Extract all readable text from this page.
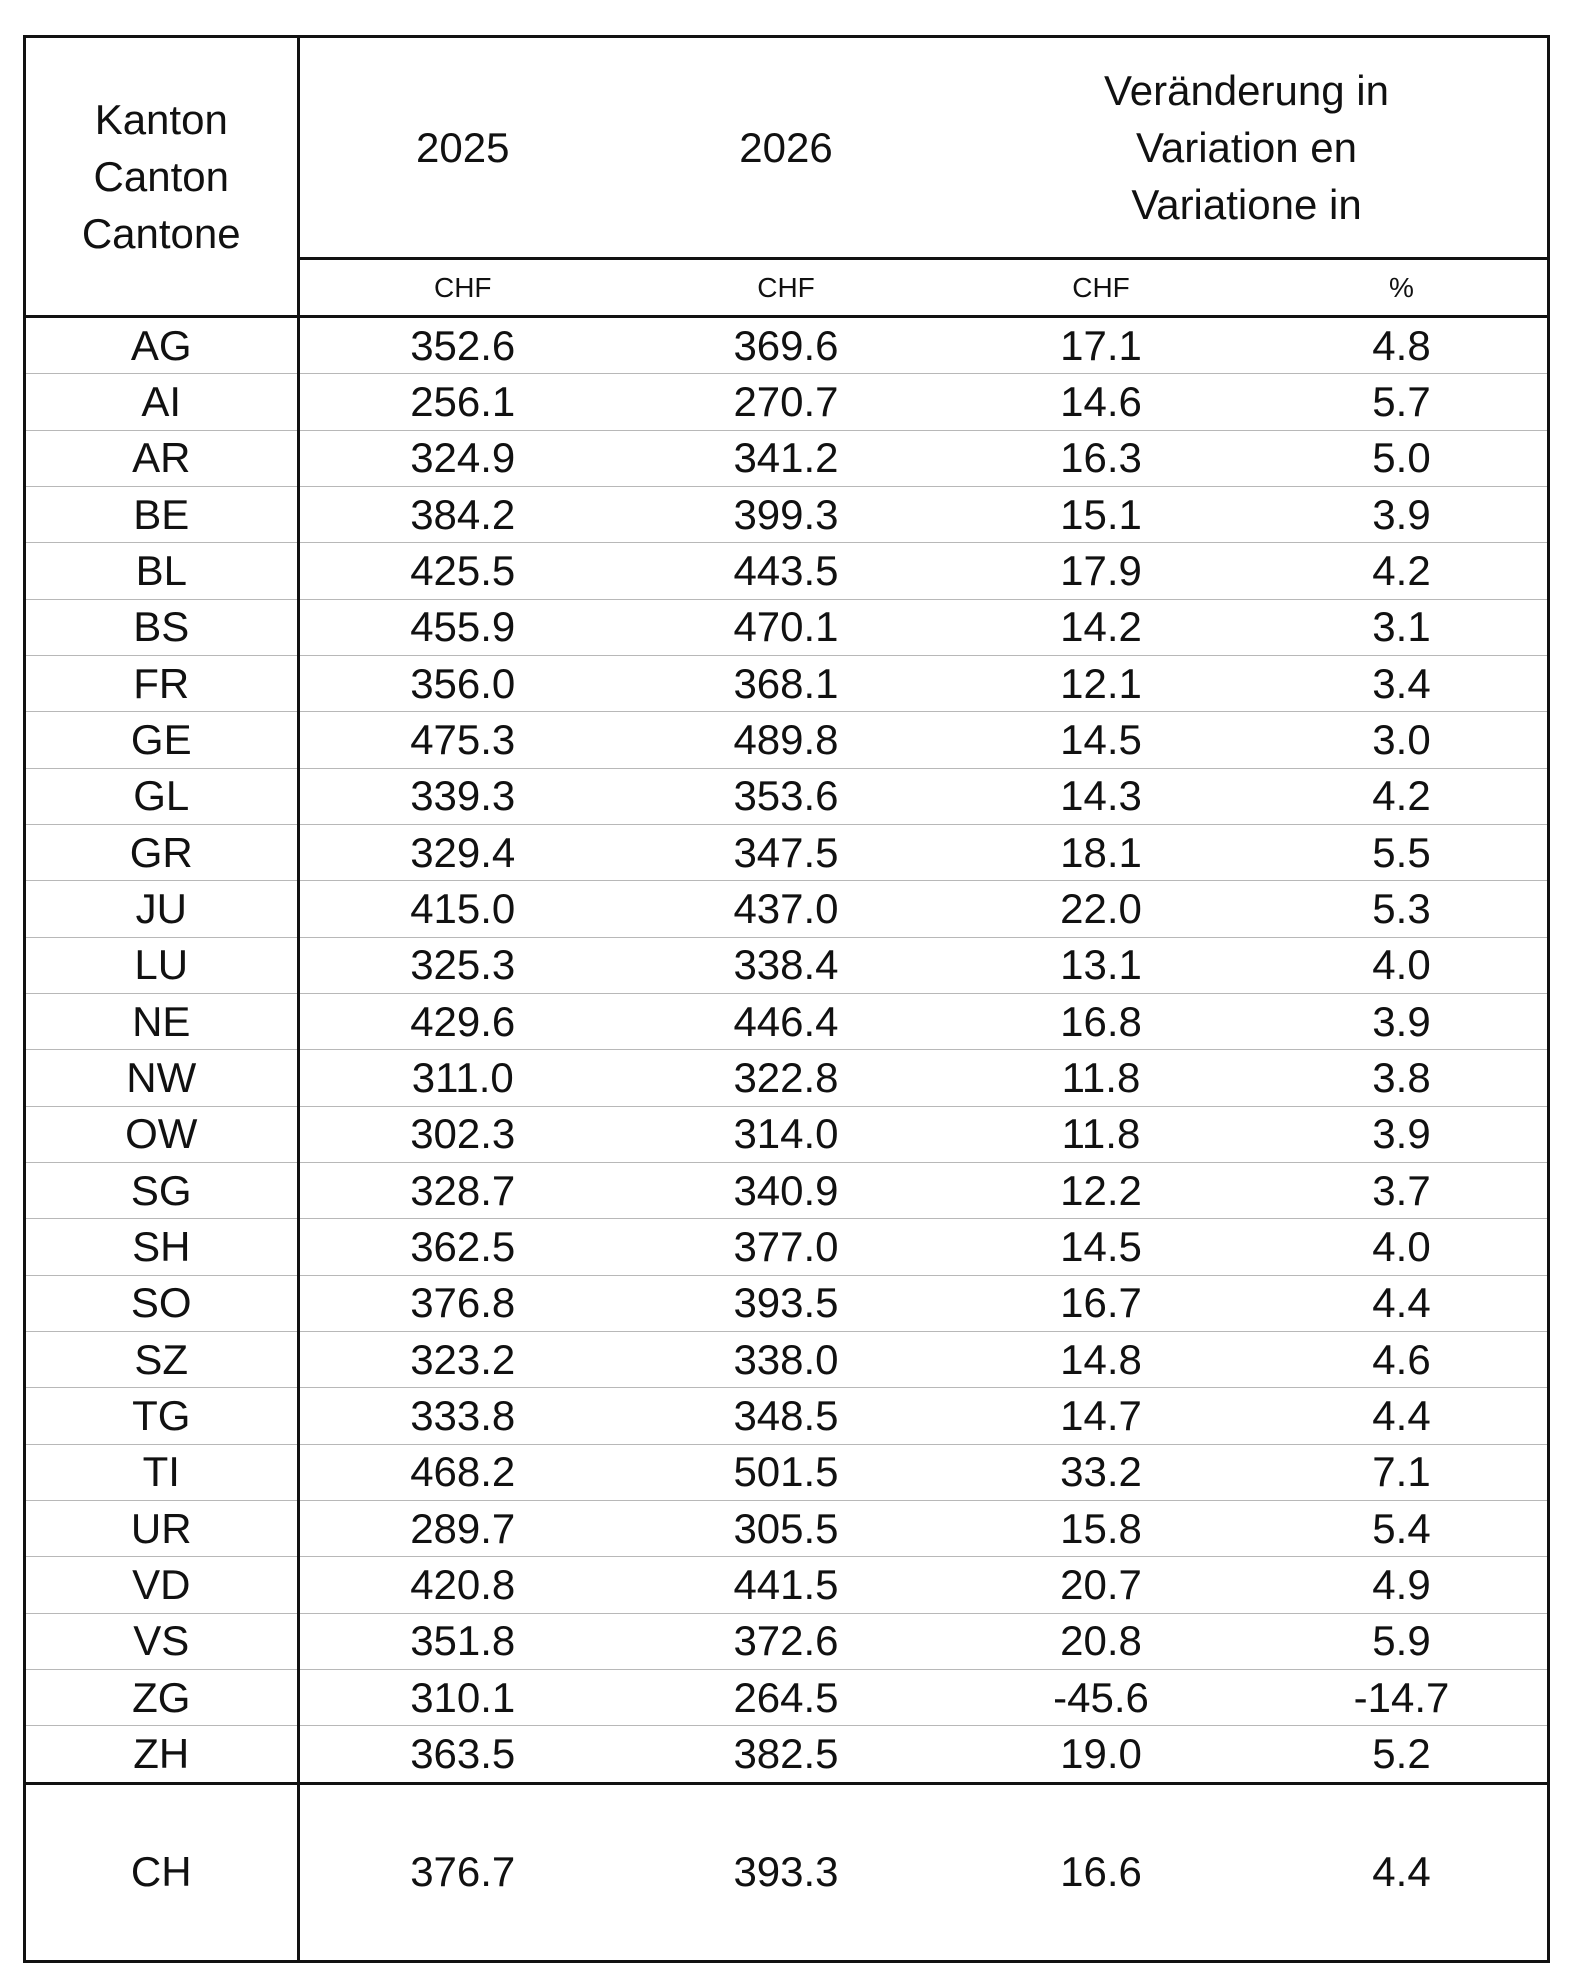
Kanton
Canton
Cantone	2025	2026	Veränderung in
Variation en
Variatione in	

	CHF	CHF	CHF	%
AG	352.6	369.6	17.1	4.8
AI	256.1	270.7	14.6	5.7
AR	324.9	341.2	16.3	5.0
BE	384.2	399.3	15.1	3.9
BL	425.5	443.5	17.9	4.2
BS	455.9	470.1	14.2	3.1
FR	356.0	368.1	12.1	3.4
GE	475.3	489.8	14.5	3.0
GL	339.3	353.6	14.3	4.2
GR	329.4	347.5	18.1	5.5
JU	415.0	437.0	22.0	5.3
LU	325.3	338.4	13.1	4.0
NE	429.6	446.4	16.8	3.9
NW	311.0	322.8	11.8	3.8
OW	302.3	314.0	11.8	3.9
SG	328.7	340.9	12.2	3.7
SH	362.5	377.0	14.5	4.0
SO	376.8	393.5	16.7	4.4
SZ	323.2	338.0	14.8	4.6
TG	333.8	348.5	14.7	4.4
TI	468.2	501.5	33.2	7.1
UR	289.7	305.5	15.8	5.4
VD	420.8	441.5	20.7	4.9
VS	351.8	372.6	20.8	5.9
ZG	310.1	264.5	-45.6	-14.7
ZH	363.5	382.5	19.0	5.2
CH	376.7	393.3	16.6	4.4
